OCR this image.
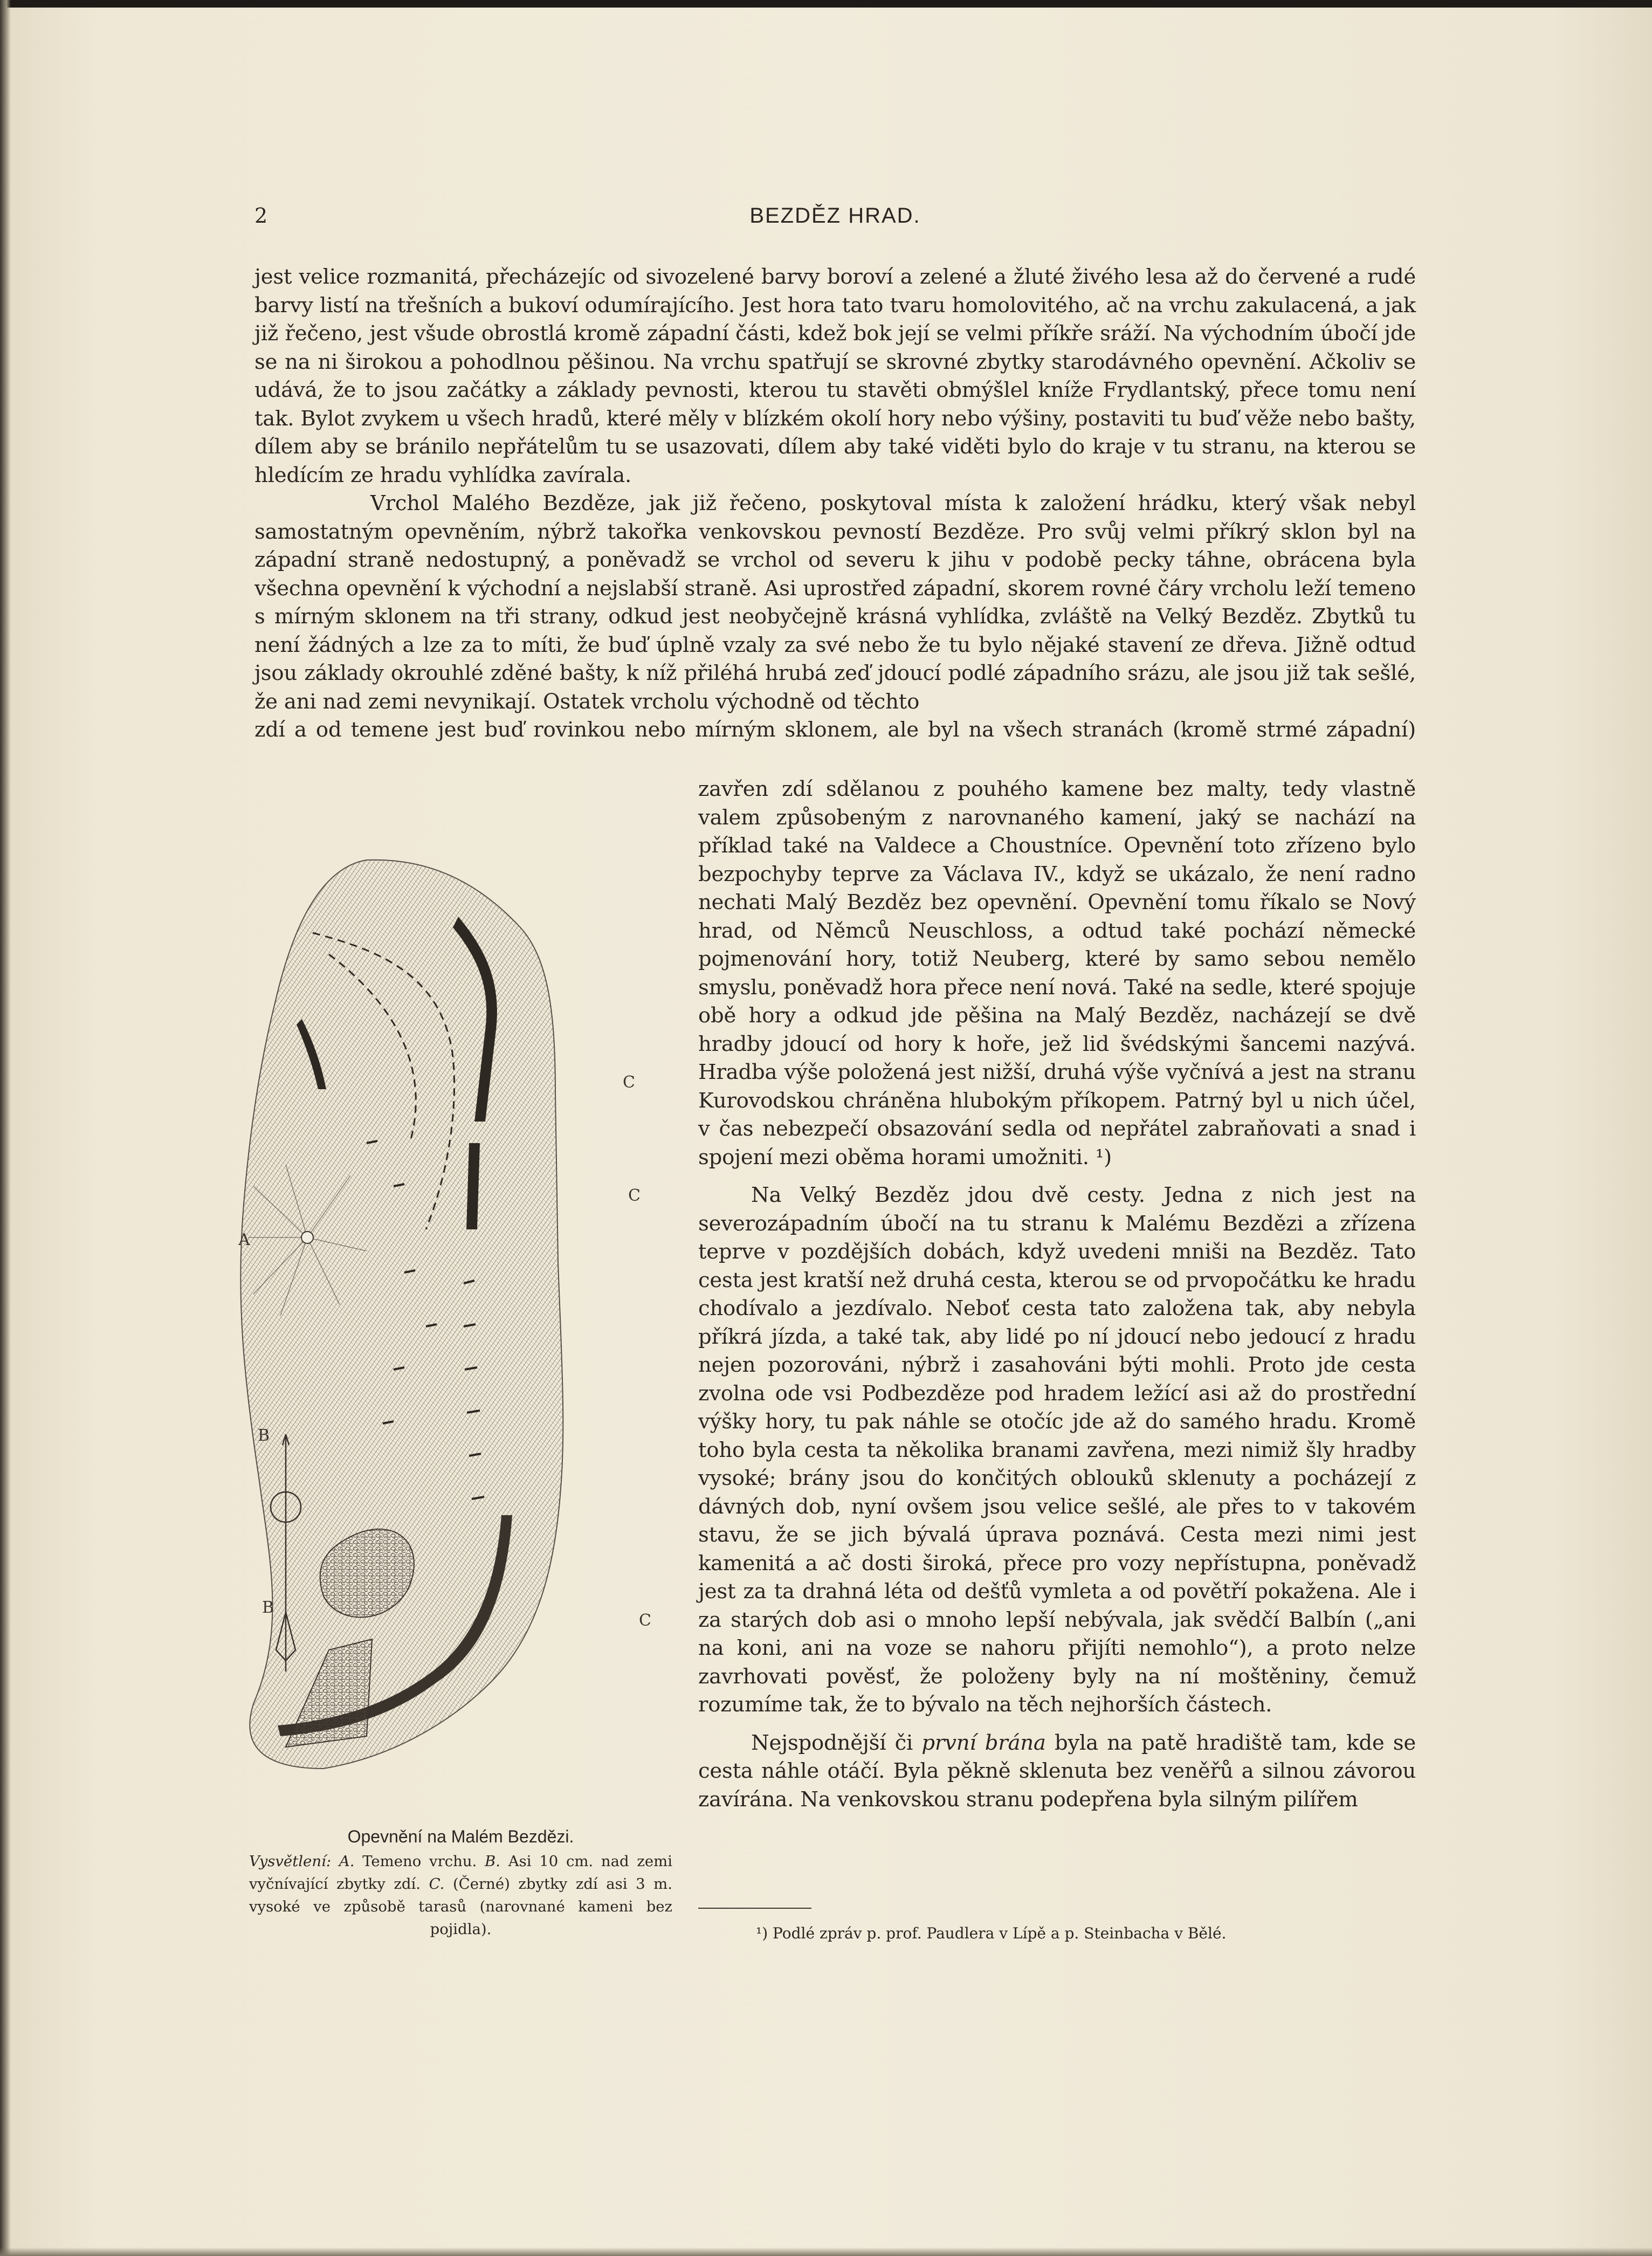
2	BEZDĚZ HRAD.

jest velice rozmanitá, přecházejíc od sivozelené barvy boroví a zelené a žluté živého lesa až do červené a rudé barvy listí na třešních a bukoví odumírajícího. Jest hora tato tvaru homolovitého, ač na vrchu zakulacená, a jak již řečeno, jest všude obrostlá kromě západní části, kdež bok její se velmi příkře sráží. Na východním úbočí jde se na ni širokou a pohodlnou pěšinou. Na vrchu spatřují se skrovné zbytky starodávného opevnění. Ačkoliv se udává, že to jsou začátky a základy pevnosti, kterou tu stavěti obmýšlel kníže Frydlantský, přece tomu není tak. Bylot zvykem u všech hradů, které měly v blízkém okolí hory nebo výšiny, postaviti tu buď věže nebo bašty, dílem aby se bránilo nepřátelům tu se usazovati, dílem aby také viděti bylo do kraje v tu stranu, na kterou se hledícím ze hradu vyhlídka zavírala.

Vrchol Malého Bezděze, jak již řečeno, poskytoval místa k založení hrádku, který však nebyl samostatným opevněním, nýbrž takořka venkovskou pevností Bezděze. Pro svůj velmi příkrý sklon byl na západní straně nedostupný, a poněvadž se vrchol od severu k jihu v podobě pecky táhne, obrácena byla všechna opevnění k východní a nejslabší straně. Asi uprostřed západní, skorem rovné čáry vrcholu leží temeno s mírným sklonem na tři strany, odkud jest neobyčejně krásná vyhlídka, zvláště na Velký Bezděz. Zbytků tu není žádných a lze za to míti, že buď úplně vzaly za své nebo že tu bylo nějaké stavení ze dřeva. Jižně odtud jsou základy okrouhlé zděné bašty, k níž přiléhá hrubá zeď jdoucí podlé západního srázu, ale jsou již tak sešlé, že ani nad zemi nevynikají. Ostatek vrcholu východně od těchto

zdí a od temene jest buď rovinkou nebo mírným sklonem, ale byl na všech stranách (kromě strmé západní)

zavřen zdí sdělanou z pouhého kamene bez malty, tedy vlastně valem způsobeným z narovnaného kamení, jaký se nachází na příklad také na Valdece a Choustníce. Opevnění toto zřízeno bylo bezpochyby teprve za Václava IV., když se ukázalo, že není radno nechati Malý Bezděz bez opevnění. Opevnění tomu říkalo se Nový hrad, od Němců Neuschloss, a odtud také pochází německé pojmenování hory, totiž Neuberg, které by samo sebou nemělo smyslu, poněvadž hora přece není nová. Také na sedle, které spojuje obě hory a odkud jde pěšina na Malý Bezděz, nacházejí se dvě hradby jdoucí od hory k hoře, jež lid švédskými šancemi nazývá. Hradba výše položená jest nižší, druhá výše vyčnívá a jest na stranu Kurovodskou chráněna hlubokým příkopem. Patrný byl u nich účel, v čas nebezpečí obsazování sedla od nepřátel zabraňovati a snad i spojení mezi oběma horami umožniti. ¹)

Na Velký Bezděz jdou dvě cesty. Jedna z nich jest na severozápadním úbočí na tu stranu k Malému Bezdězi a zřízena teprve v pozdějších dobách, když uvedeni mniši na Bezděz. Tato cesta jest kratší než druhá cesta, kterou se od prvopočátku ke hradu chodívalo a jezdívalo. Neboť cesta tato založena tak, aby nebyla příkrá jízda, a také tak, aby lidé po ní jdoucí nebo jedoucí z hradu nejen pozorováni, nýbrž i zasahováni býti mohli. Proto jde cesta zvolna ode vsi Podbezděze pod hradem ležící asi až do prostřední výšky hory, tu pak náhle se otočíc jde až do samého hradu. Kromě toho byla cesta ta několika branami zavřena, mezi nimiž šly hradby vysoké; brány jsou do končitých oblouků sklenuty a pocházejí z dávných dob, nyní ovšem jsou velice sešlé, ale přes to v takovém stavu, že se jich bývalá úprava poznává. Cesta mezi nimi jest kamenitá a ač dosti široká, přece pro vozy nepřístupna, poněvadž jest za ta drahná léta od dešťů vymleta a od povětří pokažena. Ale i za starých dob asi o mnoho lepší nebývala, jak svědčí Balbín („ani na koni, ani na voze se nahoru přijíti nemohlo“), a proto nelze zavrhovati pověsť, že položeny byly na ní moštěniny, čemuž rozumíme tak, že to bývalo na těch nejhorších částech.

Nejspodnější či první brána byla na patě hradiště tam, kde se cesta náhle otáčí. Byla pěkně sklenuta bez veněřů a silnou závorou zavírána. Na venkovskou stranu podepřena byla silným pilířem

A
B
B
C
C
C
Opevnění na Malém Bezdězi.
Vysvětlení: A. Temeno vrchu. B. Asi 10 cm. nad zemi vyčnívající zbytky zdí. C. (Černé) zbytky zdí asi 3 m. vysoké ve způsobě tarasů (narovnané kameni bez pojidla).	¹) Podlé zpráv p. prof. Paudlera v Lípě a p. Steinbacha v Bělé.
